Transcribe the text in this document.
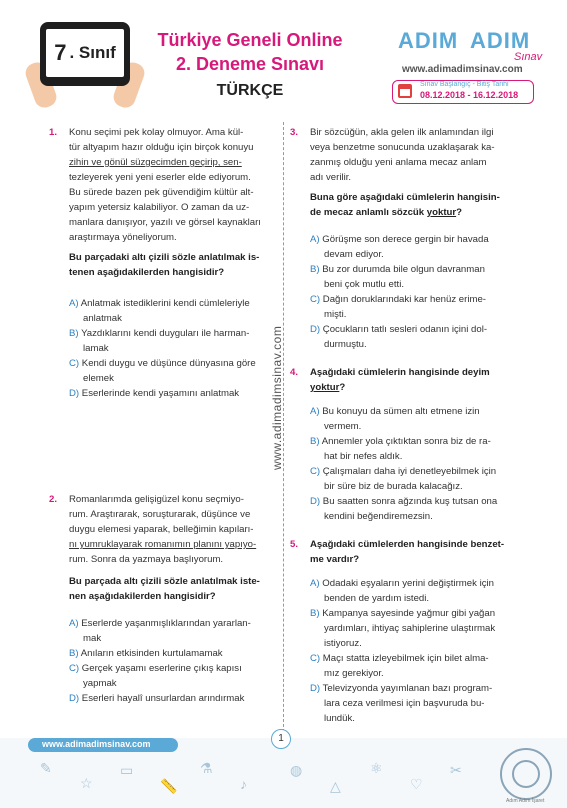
7 . Sınıf
Türkiye Geneli Online
2. Deneme Sınavı
TÜRKÇE
ADIM ADIM
Sınav
www.adimadimsinav.com
Sınav Başlangıç - Bitiş Tarihi
08.12.2018 - 16.12.2018
www.adimadimsinav.com
1. Konu seçimi pek kolay olmuyor. Ama kül-
tür altyapım hazır olduğu için birçok konuyu
zihin ve gönül süzgecimden geçirip, sen-
tezleyerek yeni yeni eserler elde ediyorum.
Bu sürede bazen pek güvendiğim kültür alt-
yapım yetersiz kalabiliyor. O zaman da uz-
manlara danışıyor, yazılı ve görsel kaynakları
araştırmaya yöneliyorum.
Bu parçadaki altı çizili sözle anlatılmak is-
tenen aşağıdakilerden hangisidir?
A) Anlatmak istediklerini kendi cümleleriyle
anlatmak
B) Yazdıklarını kendi duyguları ile harman-
lamak
C) Kendi duygu ve düşünce dünyasına göre
elemek
D) Eserlerinde kendi yaşamını anlatmak
2. Romanlarımda gelişigüzel konu seçmiyo-
rum. Araştırarak, soruşturarak, düşünce ve
duygu elemesi yaparak, belleğimin kapıları-
nı yumruklayarak romanımın planını yapıyo-
rum. Sonra da yazmaya başlıyorum.
Bu parçada altı çizili sözle anlatılmak iste-
nen aşağıdakilerden hangisidir?
A) Eserlerde yaşanmışlıklarından yararlan-
mak
B) Anıların etkisinden kurtulamamak
C) Gerçek yaşamı eserlerine çıkış kapısı
yapmak
D) Eserleri hayalî unsurlardan arındırmak
3. Bir sözcüğün, akla gelen ilk anlamından ilgi
veya benzetme sonucunda uzaklaşarak ka-
zanmış olduğu yeni anlama mecaz anlam
adı verilir.
Buna göre aşağıdaki cümlelerin hangisin-
de mecaz anlamlı sözcük yoktur?
A) Görüşme son derece gergin bir havada
devam ediyor.
B) Bu zor durumda bile olgun davranman
beni çok mutlu etti.
C) Dağın doruklarındaki kar henüz erime-
mişti.
D) Çocukların tatlı sesleri odanın içini dol-
durmuştu.
4. Aşağıdaki cümlelerin hangisinde deyim
yoktur?
A) Bu konuyu da sümen altı etmene izin
vermem.
B) Annemler yola çıktıktan sonra biz de ra-
hat bir nefes aldık.
C) Çalışmaları daha iyi denetleyebilmek için
bir süre biz de burada kalacağız.
D) Bu saatten sonra ağzında kuş tutsan ona
kendini beğendiremezsin.
5. Aşağıdaki cümlelerden hangisinde benzet-
me vardır?
A) Odadaki eşyaların yerini değiştirmek için
benden de yardım istedi.
B) Kampanya sayesinde yağmur gibi yağan
yardımları, ihtiyaç sahiplerine ulaştırmak
istiyoruz.
C) Maçı statta izleyebilmek için bilet alma-
mız gerekiyor.
D) Televizyonda yayımlanan bazı program-
lara ceza verilmesi için başvuruda bu-
lundük.
✎
☆
▭
📏
⚗
♪
◍
△
⚛
♡
✂
www.adimadimsinav.com	1
Adım Adım İşaret
